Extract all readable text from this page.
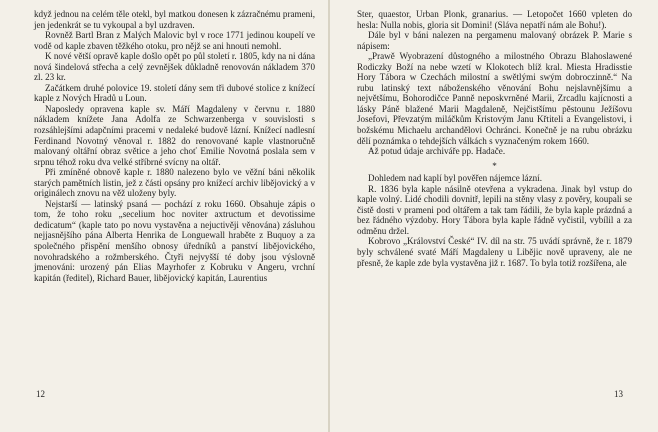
když jednou na celém těle otekl, byl matkou donesen k zázračnému prameni, jen jedenkrát se tu vykoupal a byl uzdraven.

Rovněž Bartl Bran z Malých Malovic byl v roce 1771 jedinou koupelí ve vodě od kaple zbaven těžkého otoku, pro nějž se ani hnouti nemohl.

K nové větší opravě kaple došlo opět po půl století r. 1805, kdy na ni dána nová šindelová střecha a celý zevnějšek důkladně renovován nákladem 370 zl. 23 kr.

Začátkem druhé polovice 19. století dány sem tři dubové stolice z knížecí kaple z Nových Hradů u Loun.

Naposledy opravena kaple sv. Máří Magdaleny v červnu r. 1880 nákladem knížete Jana Adolfa ze Schwarzenberga v souvislosti s rozsáhlejšími adapčními pracemi v nedaleké budově lázní. Knížecí nadlesní Ferdinand Novotný věnoval r. 1882 do renovované kaple vlastnoručně malovaný oltářní obraz světice a jeho choť Emilie Novotná poslala sem v srpnu téhož roku dva velké stříbrné svícny na oltář.

Při zmíněné obnově kaple r. 1880 nalezeno bylo ve věžní báni několik starých pamětních listin, jež z části opsány pro knížecí archiv libějovický a v originálech znovu na věž uloženy byly.

Nejstarší — latinský psaná — pochází z roku 1660. Obsahuje zápis o tom, že toho roku „secelium hoc noviter axtructum et devotissime dedicatum“ (kaple tato po novu vystavěna a nejuctivěji věnována) zásluhou nejjasnějšího pána Alberta Henrika de Longuewall hraběte z Buquoy a za společného přispění menšího obnosy úředníků a panství libějovického, novohradského a rožmberského. Čtyři nejvyšší té doby jsou výslovně jmenováni: urozený pán Elias Mayrhofer z Kobruku v Angeru, vrchní kapitán (ředitel), Richard Bauer, libějovický kapitán, Laurentius

Ster, quaestor, Urban Plonk, granarius. — Letopočet 1660 vpleten do hesla: Nulla nobis, gloria sit Domini! (Sláva nepatří nám ale Bohu!).

Dále byl v báni nalezen na pergamenu malovaný obrázek P. Marie s nápisem:

„Prawě Wyobrazení důstogného a milostného Obrazu Blahoslawené Rodiczky Boží na nebe wzetí w Klokotech blíž kral. Miesta Hradisstie Hory Tábora w Czechách milostní a swětlými swým dobroczinně.“ Na rubu latinský text náboženského věnování Bohu nejslavnějšímu a největšímu, Bohorodičce Panně neposkvrněné Marii, Zrcadlu kajícnosti a lásky Páně blažené Marii Magdaleně, Nejčistšímu pěstounu Ježíšovu Josefovi, Převzatým miláčkům Kristovým Janu Křtiteli a Evangelistovi, i božskému Michaelu archandělovi Ochránci. Konečně je na rubu obrázku dělí poznámka o tehdejších válkách s vyznačeným rokem 1660.

Až potud údaje archiváře pp. Hadače.

*

Dohledem nad kaplí byl pověřen nájemce lázní.

R. 1836 byla kaple násilně otevřena a vykradena. Jinak byl vstup do kaple volný. Lidé chodili dovnitř, lepili na stěny vlasy z pověry, koupali se čistě dosti v prameni pod oltářem a tak tam řádili, že byla kaple prázdná a bez řádného výzdoby. Hory Tábora byla kaple řádně vyčistil, vybílil a za odměnu držel.

Kobrovo „Království České“ IV. díl na str. 75 uvádí správně, že r. 1879 byly schválené svaté Máří Magdaleny u Libějic nově upraveny, ale ne přesně, že kaple zde byla vystavěna již r. 1687. To byla totiž rozšířena, ale

12	13
